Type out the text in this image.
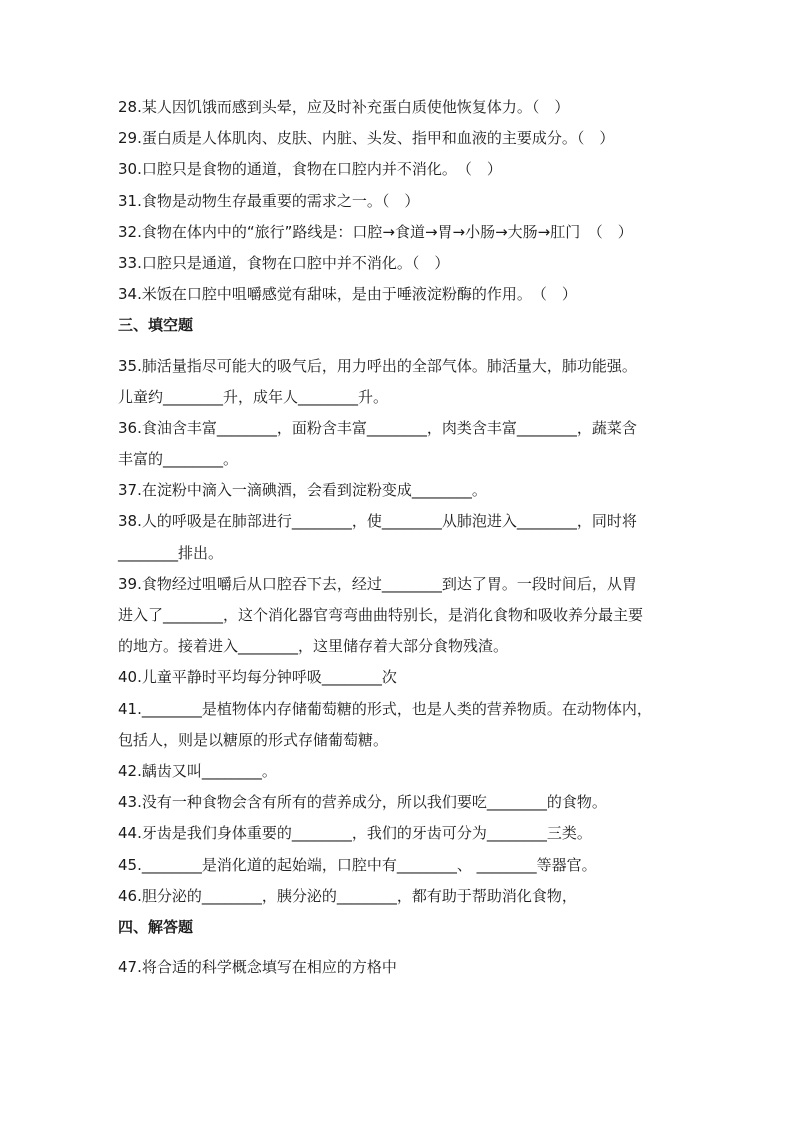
28.某人因饥饿而感到头晕，应及时补充蛋白质使他恢复体力。（　）
29.蛋白质是人体肌肉、皮肤、内脏、头发、指甲和血液的主要成分。（　）
30.口腔只是食物的通道，食物在口腔内并不消化。　（　）
31.食物是动物生存最重要的需求之一。（　）
32.食物在体内中的“旅行”路线是：口腔→食道→胃→小肠→大肠→肛门　（　）
33.口腔只是通道，食物在口腔中并不消化。（　）
34.米饭在口腔中咀嚼感觉有甜味，是由于唾液淀粉酶的作用。　（　）
三、填空题
35.肺活量指尽可能大的吸气后，用力呼出的全部气体。肺活量大，肺功能强。
儿童约________升，成年人________升。
36.食油含丰富________，面粉含丰富________，肉类含丰富________，蔬菜含
丰富的________。
37.在淀粉中滴入一滴碘酒，会看到淀粉变成________。
38.人的呼吸是在肺部进行________，使________从肺泡进入________，同时将
________排出。
39.食物经过咀嚼后从口腔吞下去，经过________到达了胃。一段时间后，从胃
进入了________，这个消化器官弯弯曲曲特别长，是消化食物和吸收养分最主要
的地方。接着进入________，这里储存着大部分食物残渣。
40.儿童平静时平均每分钟呼吸________次
41.________是植物体内存储葡萄糖的形式，也是人类的营养物质。在动物体内，
包括人，则是以糖原的形式存储葡萄糖。
42.龋齿又叫________。
43.没有一种食物会含有所有的营养成分，所以我们要吃________的食物。
44.牙齿是我们身体重要的________，我们的牙齿可分为________三类。
45.________是消化道的起始端，口腔中有________、 ________等器官。
46.胆分泌的________，胰分泌的________，都有助于帮助消化食物，
四、解答题
47.将合适的科学概念填写在相应的方格中
